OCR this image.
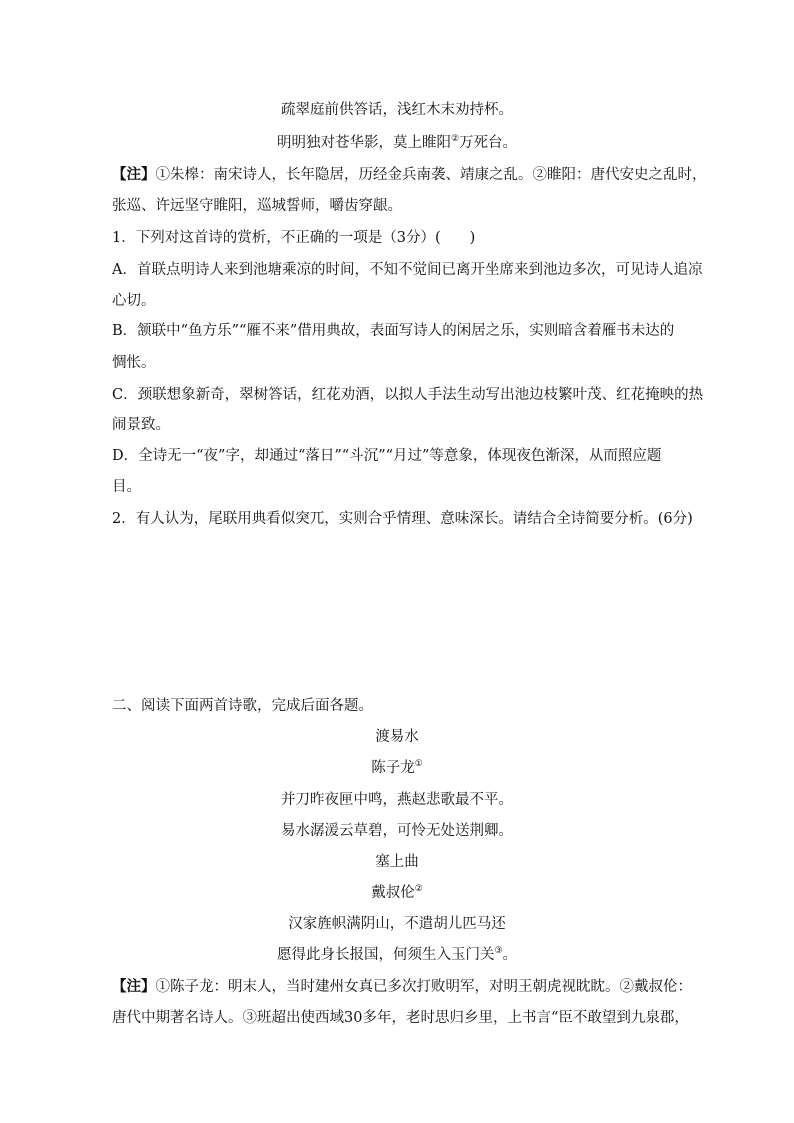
疏翠庭前供答话，浅红木末劝持杯。
明明独对苍华影，莫上睢阳②万死台。
【注】①朱槔：南宋诗人，长年隐居，历经金兵南袭、靖康之乱。②睢阳：唐代安史之乱时，
张巡、许远坚守睢阳，巡城誓师，嚼齿穿龈。
1．下列对这首诗的赏析，不正确的一项是（3分）(　　)
A．首联点明诗人来到池塘乘凉的时间，不知不觉间已离开坐席来到池边多次，可见诗人追凉
心切。
B．颔联中“鱼方乐”“雁不来”借用典故，表面写诗人的闲居之乐，实则暗含着雁书未达的
惆怅。
C．颈联想象新奇，翠树答话，红花劝酒，以拟人手法生动写出池边枝繁叶茂、红花掩映的热
闹景致。
D．全诗无一“夜”字，却通过“落日”“斗沉”“月过”等意象，体现夜色渐深，从而照应题
目。
2．有人认为，尾联用典看似突兀，实则合乎情理、意味深长。请结合全诗简要分析。(6分)
二、阅读下面两首诗歌，完成后面各题。
渡易水
陈子龙①
并刀昨夜匣中鸣，燕赵悲歌最不平。
易水潺湲云草碧，可怜无处送荆卿。
塞上曲
戴叔伦②
汉家旌帜满阴山，不遣胡儿匹马还
愿得此身长报国，何须生入玉门关③。
【注】①陈子龙：明末人，当时建州女真已多次打败明军，对明王朝虎视眈眈。②戴叔伦：
唐代中期著名诗人。③班超出使西域30多年，老时思归乡里，上书言“臣不敢望到九泉郡，
